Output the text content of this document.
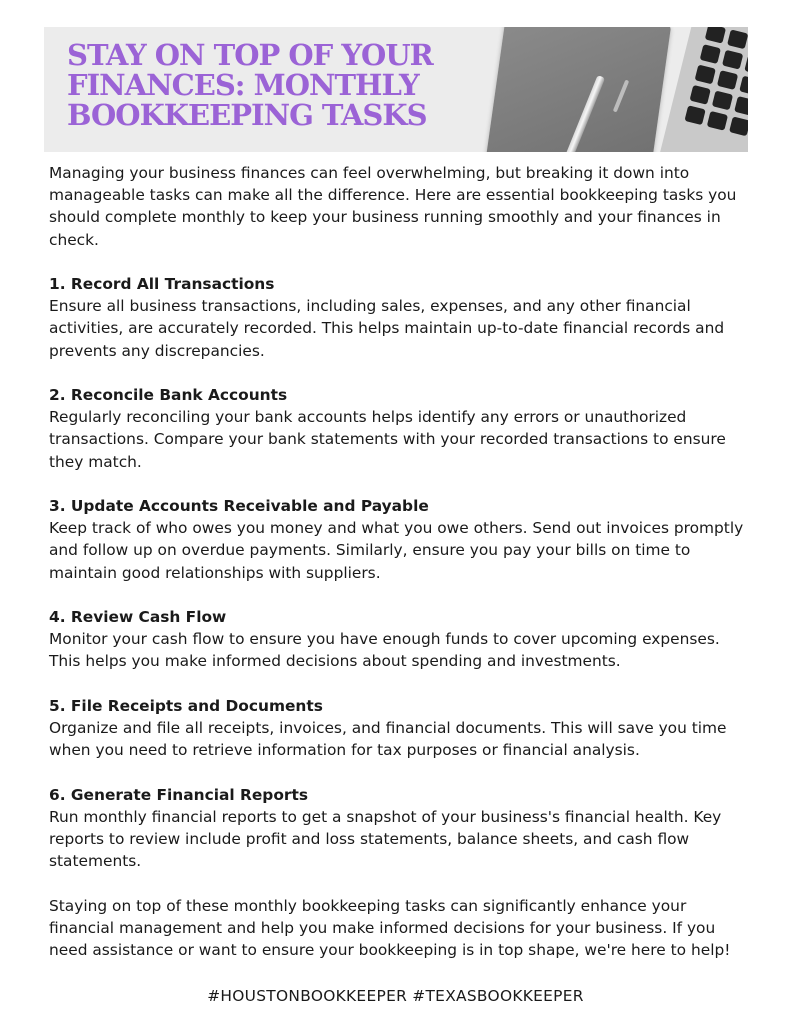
STAY ON TOP OF YOUR
FINANCES: MONTHLY
BOOKKEEPING TASKS

Managing your business finances can feel overwhelming, but breaking it down into manageable tasks can make all the difference. Here are essential bookkeeping tasks you should complete monthly to keep your business running smoothly and your finances in check.

1. Record All Transactions

Ensure all business transactions, including sales, expenses, and any other financial activities, are accurately recorded. This helps maintain up-to-date financial records and prevents any discrepancies.

2. Reconcile Bank Accounts

Regularly reconciling your bank accounts helps identify any errors or unauthorized transactions. Compare your bank statements with your recorded transactions to ensure they match.

3. Update Accounts Receivable and Payable

Keep track of who owes you money and what you owe others. Send out invoices promptly and follow up on overdue payments. Similarly, ensure you pay your bills on time to maintain good relationships with suppliers.

4. Review Cash Flow

Monitor your cash flow to ensure you have enough funds to cover upcoming expenses. This helps you make informed decisions about spending and investments.

5. File Receipts and Documents

Organize and file all receipts, invoices, and financial documents. This will save you time when you need to retrieve information for tax purposes or financial analysis.

6. Generate Financial Reports

Run monthly financial reports to get a snapshot of your business's financial health. Key reports to review include profit and loss statements, balance sheets, and cash flow statements.

Staying on top of these monthly bookkeeping tasks can significantly enhance your financial management and help you make informed decisions for your business. If you need assistance or want to ensure your bookkeeping is in top shape, we're here to help!

#HOUSTONBOOKKEEPER #TEXASBOOKKEEPER
